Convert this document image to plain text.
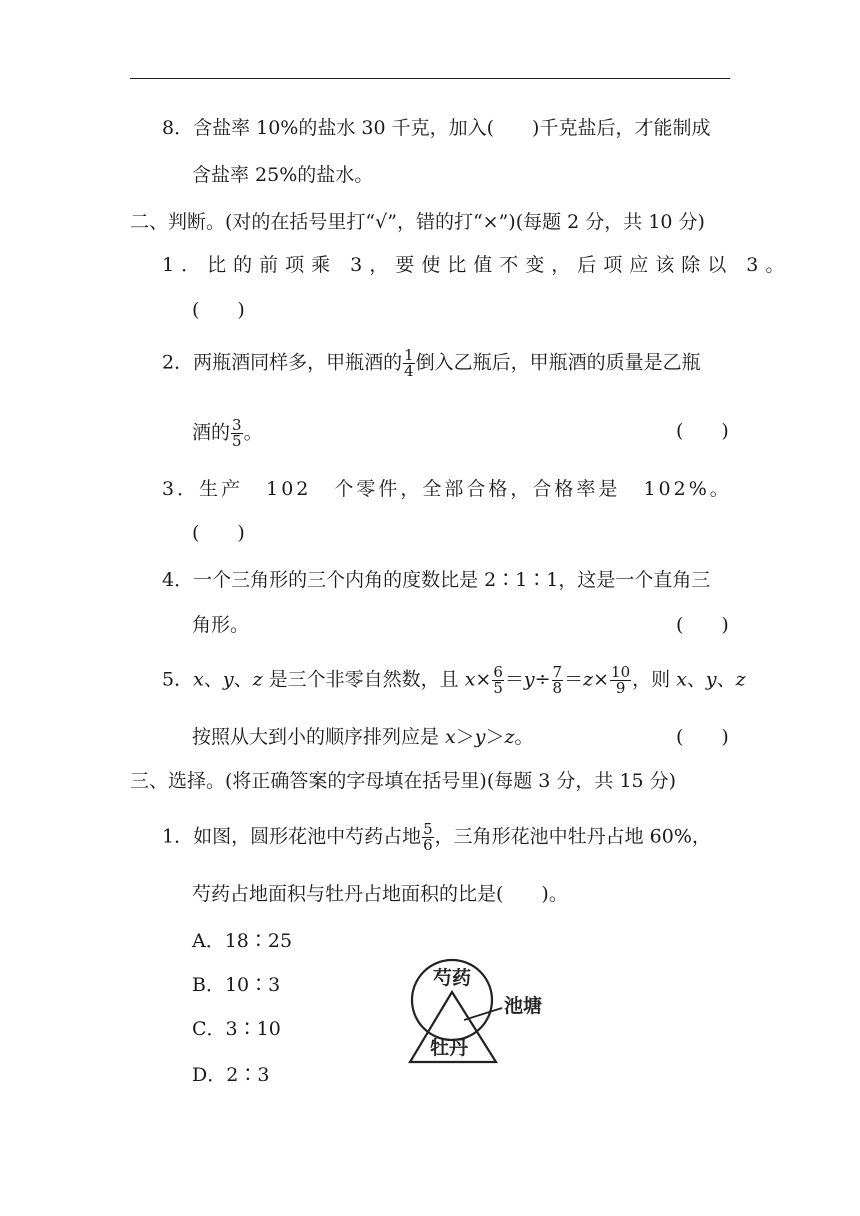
8．含盐率 10%的盐水 30 千克，加入(　　)千克盐后，才能制成
含盐率 25%的盐水。
二、判断。(对的在括号里打“√”，错的打“×”)(每题 2 分，共 10 分)
1．比的前项乘 3，要使比值不变，后项应该除以 3。
(　　)
2．两瓶酒同样多，甲瓶酒的 $\frac{1}{4}$ 倒入乙瓶后，甲瓶酒的质量是乙瓶
酒的 $\frac{3}{5}$ 。	(　　)
3．生产 102 个零件，全部合格，合格率是 102%。
(　　)
4．一个三角形的三个内角的度数比是 2∶1∶1，这是一个直角三
角形。	(　　)
5．x、y、z 是三个非零自然数，且 $x\times \frac{6}{5} =y\div \frac{7}{8} =z\times \frac{10}{9}$ ，则 x、y、z
按照从大到小的顺序排列应是 x＞y＞z。	(　　)
三、选择。(将正确答案的字母填在括号里)(每题 3 分，共 15 分)
1．如图，圆形花池中芍药占地 $\frac{5}{6}$ ，三角形花池中牡丹占地 60%，
芍药占地面积与牡丹占地面积的比是(　　)。
A．18∶25
B．10∶3
C．3∶10
D．2∶3
芍药
牡丹
池塘
